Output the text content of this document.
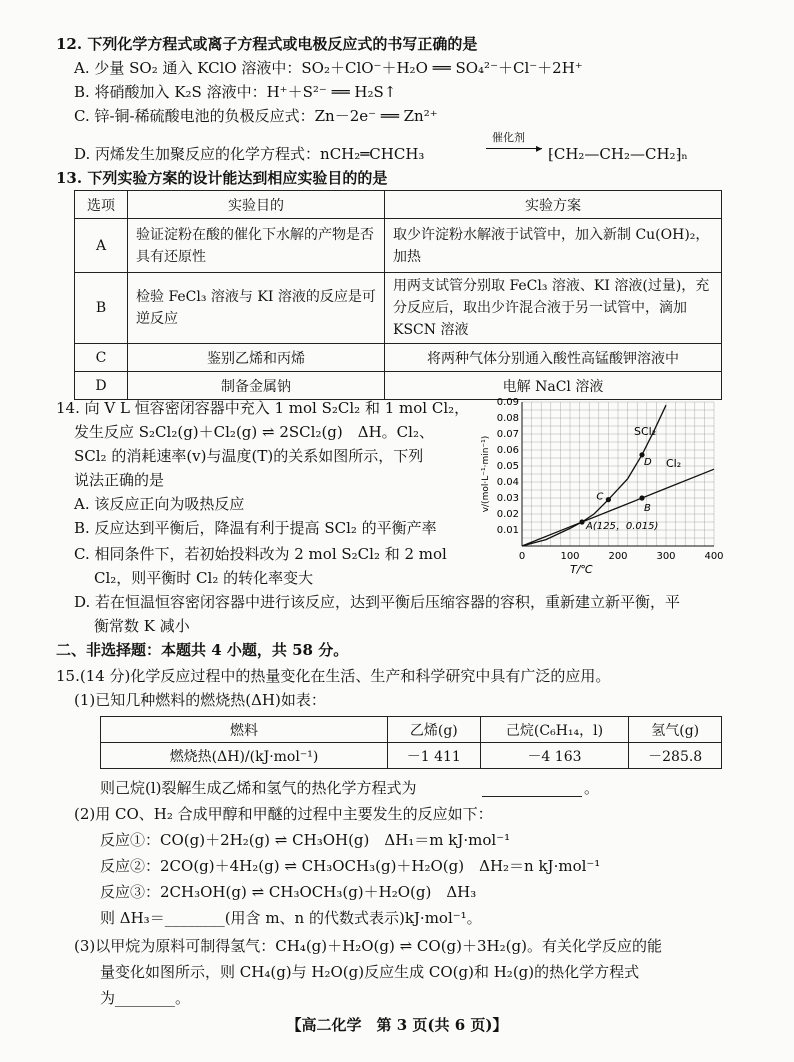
12. 下列化学方程式或离子方程式或电极反应式的书写正确的是
A. 少量 SO₂ 通入 KClO 溶液中：SO₂＋ClO⁻＋H₂O ══ SO₄²⁻＋Cl⁻＋2H⁺
B. 将硝酸加入 K₂S 溶液中：H⁺＋S²⁻ ══ H₂S↑
C. 锌-铜-稀硫酸电池的负极反应式：Zn－2e⁻ ══ Zn²⁺
D. 丙烯发生加聚反应的化学方程式：nCH₂═CHCH₃
催化剂
▸ ⁅CH₂—CH₂—CH₂⁆ₙ
13. 下列实验方案的设计能达到相应实验目的的是
选项	实验目的	实验方案
A	验证淀粉在酸的催化下水解的产物是否具有还原性	取少许淀粉水解液于试管中，加入新制 Cu(OH)₂，加热
B	检验 FeCl₃ 溶液与 KI 溶液的反应是可逆反应	用两支试管分别取 FeCl₃ 溶液、KI 溶液(过量)，充分反应后，取出少许混合液于另一试管中，滴加 KSCN 溶液
C	鉴别乙烯和丙烯	将两种气体分别通入酸性高锰酸钾溶液中
D	制备金属钠	电解 NaCl 溶液
14. 向 V L 恒容密闭容器中充入 1 mol S₂Cl₂ 和 1 mol Cl₂，
发生反应 S₂Cl₂(g)＋Cl₂(g) ⇌ 2SCl₂(g)　ΔH。Cl₂、
SCl₂ 的消耗速率(v)与温度(T)的关系如图所示，下列
说法正确的是
A. 该反应正向为吸热反应
B. 反应达到平衡后，降温有利于提高 SCl₂ 的平衡产率
C. 相同条件下，若初始投料改为 2 mol S₂Cl₂ 和 2 mol
Cl₂，则平衡时 Cl₂ 的转化率变大
D. 若在恒温恒容密闭容器中进行该反应，达到平衡后压缩容器的容积，重新建立新平衡，平
衡常数 K 减小
0	100	200	300	400
0.01
0.02
0.03
0.04
0.05
0.06
0.07
0.08
0.09
T/℃
v/(mol·L⁻¹·min⁻¹)
SCl₂
Cl₂
A(125，0.015)
B
C
D
二、非选择题：本题共 4 小题，共 58 分。
15.(14 分)化学反应过程中的热量变化在生活、生产和科学研究中具有广泛的应用。
(1)已知几种燃料的燃烧热(ΔH)如表：
燃料	乙烯(g)	己烷(C₆H₁₄，l)	氢气(g)
燃烧热(ΔH)/(kJ·mol⁻¹)	－1 411	－4 163	－285.8
则己烷(l)裂解生成乙烯和氢气的热化学方程式为	。
(2)用 CO、H₂ 合成甲醇和甲醚的过程中主要发生的反应如下：
反应①：CO(g)＋2H₂(g) ⇌ CH₃OH(g)　ΔH₁＝m kJ·mol⁻¹
反应②：2CO(g)＋4H₂(g) ⇌ CH₃OCH₃(g)＋H₂O(g)　ΔH₂＝n kJ·mol⁻¹
反应③：2CH₃OH(g) ⇌ CH₃OCH₃(g)＋H₂O(g)　ΔH₃
则 ΔH₃＝________(用含 m、n 的代数式表示)kJ·mol⁻¹。
(3)以甲烷为原料可制得氢气：CH₄(g)＋H₂O(g) ⇌ CO(g)＋3H₂(g)。有关化学反应的能
量变化如图所示，则 CH₄(g)与 H₂O(g)反应生成 CO(g)和 H₂(g)的热化学方程式
为________。
【高二化学　第 3 页(共 6 页)】
